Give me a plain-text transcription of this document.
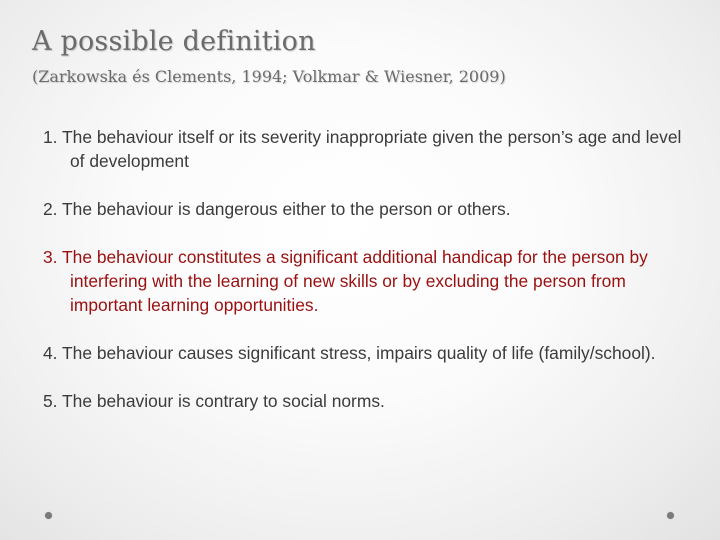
A possible definition
(Zarkowska és Clements, 1994; Volkmar & Wiesner, 2009)
1. The behaviour itself or its severity inappropriate given the person’s age and level of development
2. The behaviour is dangerous either to the person or others.
3. The behaviour constitutes a significant additional handicap for the person by interfering with the learning of new skills or by excluding the person from important learning opportunities.
4. The behaviour causes significant stress, impairs quality of life (family/school).
5. The behaviour is contrary to social norms.
